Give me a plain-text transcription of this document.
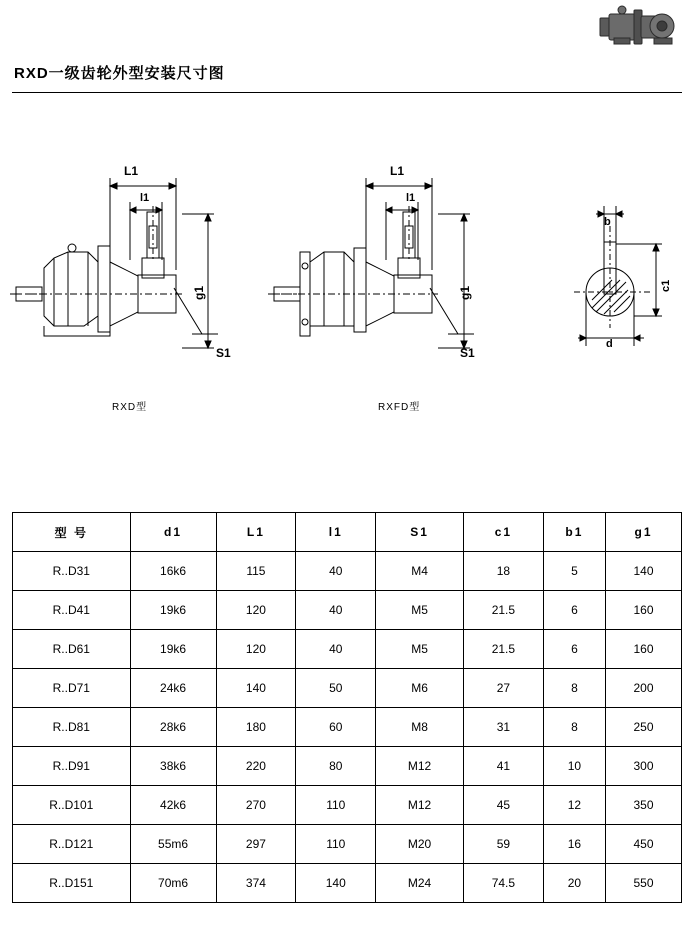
RXD一级齿轮外型安装尺寸图
L1
l1
g1
S1
RXD型
L1
l1
g1
S1
RXFD型
b
c1
d
型 号	d1	L1	l1	S1	c1	b1	g1
R..D31	16k6	115	40	M4	18	5	140
R..D41	19k6	120	40	M5	21.5	6	160
R..D61	19k6	120	40	M5	21.5	6	160
R..D71	24k6	140	50	M6	27	8	200
R..D81	28k6	180	60	M8	31	8	250
R..D91	38k6	220	80	M12	41	10	300
R..D101	42k6	270	110	M12	45	12	350
R..D121	55m6	297	110	M20	59	16	450
R..D151	70m6	374	140	M24	74.5	20	550
